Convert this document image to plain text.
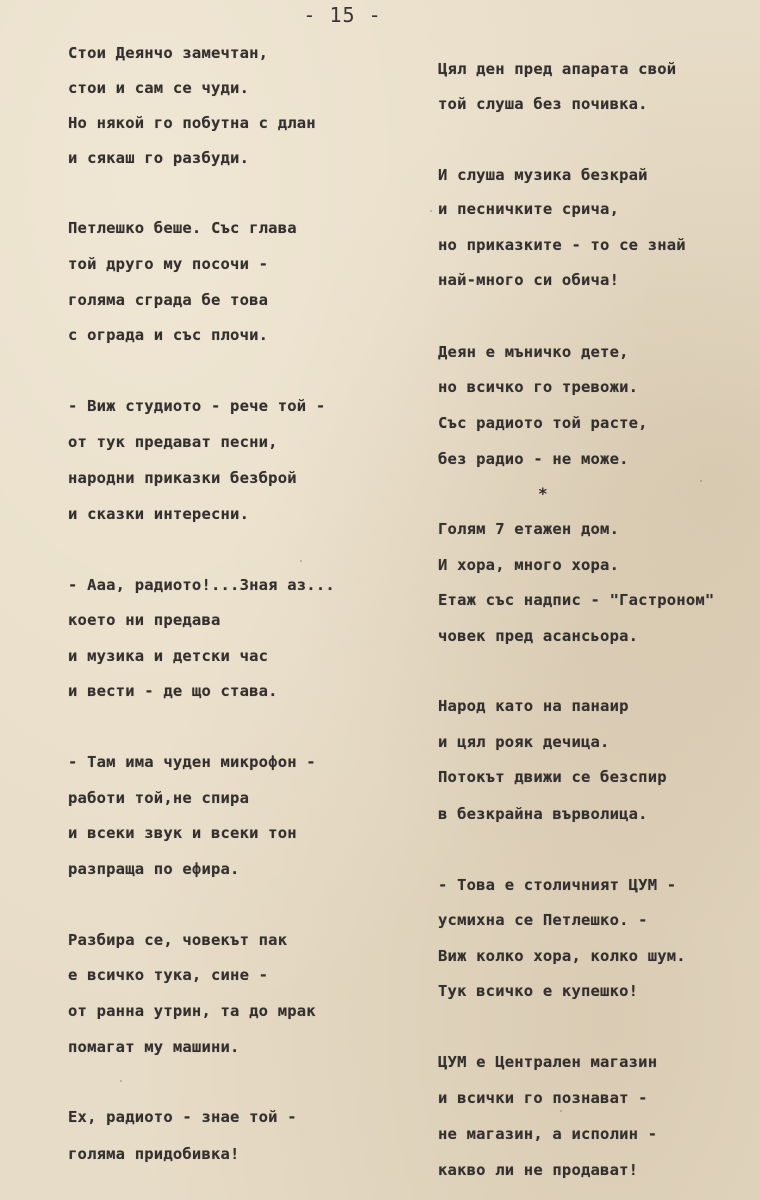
- 15 -
Стои Деянчо замечтан,
стои и сам се чуди.
Но някой го побутна с длан
и сякаш го разбуди.
Петлешко беше. Със глава
той друго му посочи -
голяма сграда бе това
с ограда и със плочи.
- Виж студиото - рече той -
от тук предават песни,
народни приказки безброй
и сказки интересни.
- Ааа, радиото!...Зная аз...
което ни предава
и музика и детски час
и вести - де що става.
- Там има чуден микрофон -
работи той,не спира
и всеки звук и всеки тон
разпраща по ефира.
Разбира се, човекът пак
е всичко тука, сине -
от ранна утрин, та до мрак
помагат му машини.
Ех, радиото - знае той -
голяма придобивка!
Цял ден пред апарата свой
той слуша без почивка.
И слуша музика безкрай
и песничките срича,
но приказките - то се знай
най-много си обича!
Деян е мъничко дете,
но всичко го тревожи.
Със радиото той расте,
без радио - не може.
*
Голям 7 етажен дом.
И хора, много хора.
Етаж със надпис - "Гастроном"
човек пред асансьора.
Народ като на панаир
и цял рояк дечица.
Потокът движи се безспир
в безкрайна върволица.
- Това е столичният ЦУМ -
усмихна се Петлешко. -
Виж колко хора, колко шум.
Тук всичко е купешко!
ЦУМ е Централен магазин
и всички го познават -
не магазин, а исполин -
какво ли не продават!
